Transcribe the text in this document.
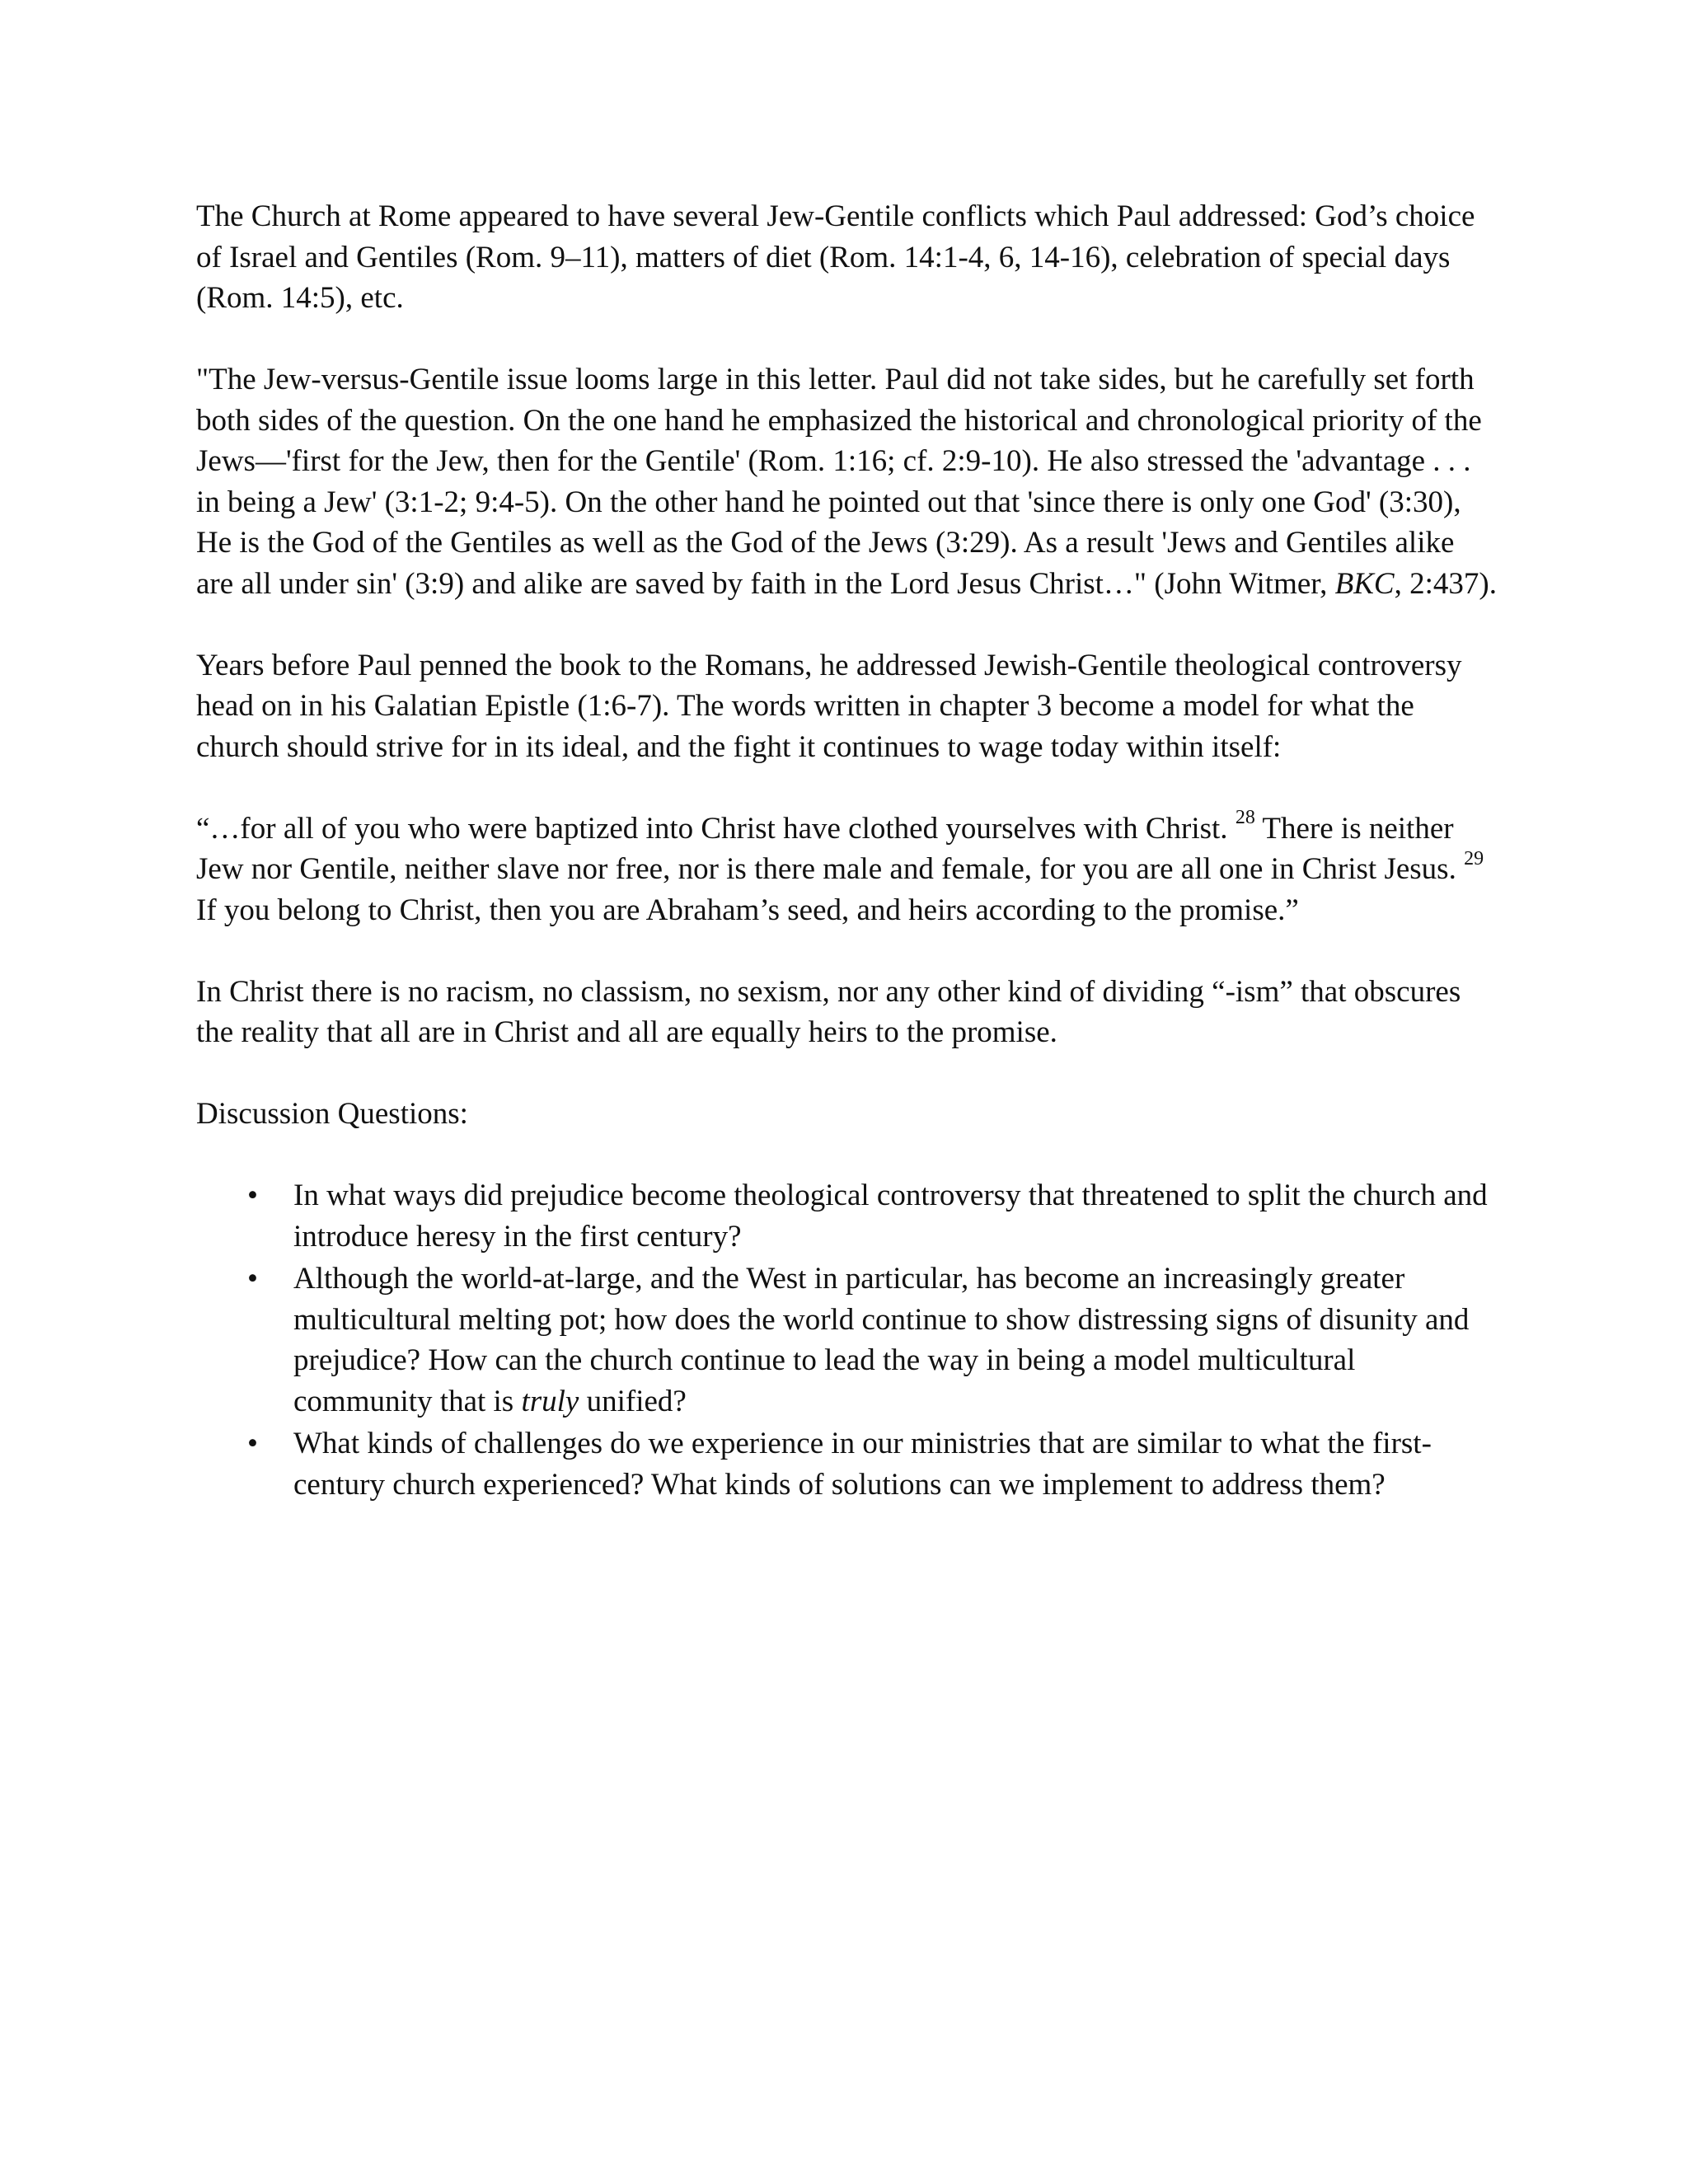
The Church at Rome appeared to have several Jew-Gentile conflicts which Paul addressed: God’s choice of Israel and Gentiles (Rom. 9–11), matters of diet (Rom. 14:1-4, 6, 14-16), celebration of special days (Rom. 14:5), etc.

"The Jew-versus-Gentile issue looms large in this letter. Paul did not take sides, but he carefully set forth both sides of the question. On the one hand he emphasized the historical and chronological priority of the Jews—'first for the Jew, then for the Gentile' (Rom. 1:16; cf. 2:9-10). He also stressed the 'advantage . . . in being a Jew' (3:1-2; 9:4-5). On the other hand he pointed out that 'since there is only one God' (3:30), He is the God of the Gentiles as well as the God of the Jews (3:29). As a result 'Jews and Gentiles alike are all under sin' (3:9) and alike are saved by faith in the Lord Jesus Christ…" (John Witmer, BKC, 2:437).

Years before Paul penned the book to the Romans, he addressed Jewish-Gentile theological controversy head on in his Galatian Epistle (1:6-7). The words written in chapter 3 become a model for what the church should strive for in its ideal, and the fight it continues to wage today within itself:

“…for all of you who were baptized into Christ have clothed yourselves with Christ. $^{28}$ There is neither Jew nor Gentile, neither slave nor free, nor is there male and female, for you are all one in Christ Jesus. $^{29}$ If you belong to Christ, then you are Abraham’s seed, and heirs according to the promise.”

In Christ there is no racism, no classism, no sexism, nor any other kind of dividing “-ism” that obscures the reality that all are in Christ and all are equally heirs to the promise.

Discussion Questions:

• In what ways did prejudice become theological controversy that threatened to split the church and introduce heresy in the first century?
• Although the world-at-large, and the West in particular, has become an increasingly greater multicultural melting pot; how does the world continue to show distressing signs of disunity and prejudice? How can the church continue to lead the way in being a model multicultural community that is truly unified?
• What kinds of challenges do we experience in our ministries that are similar to what the first-century church experienced? What kinds of solutions can we implement to address them?
